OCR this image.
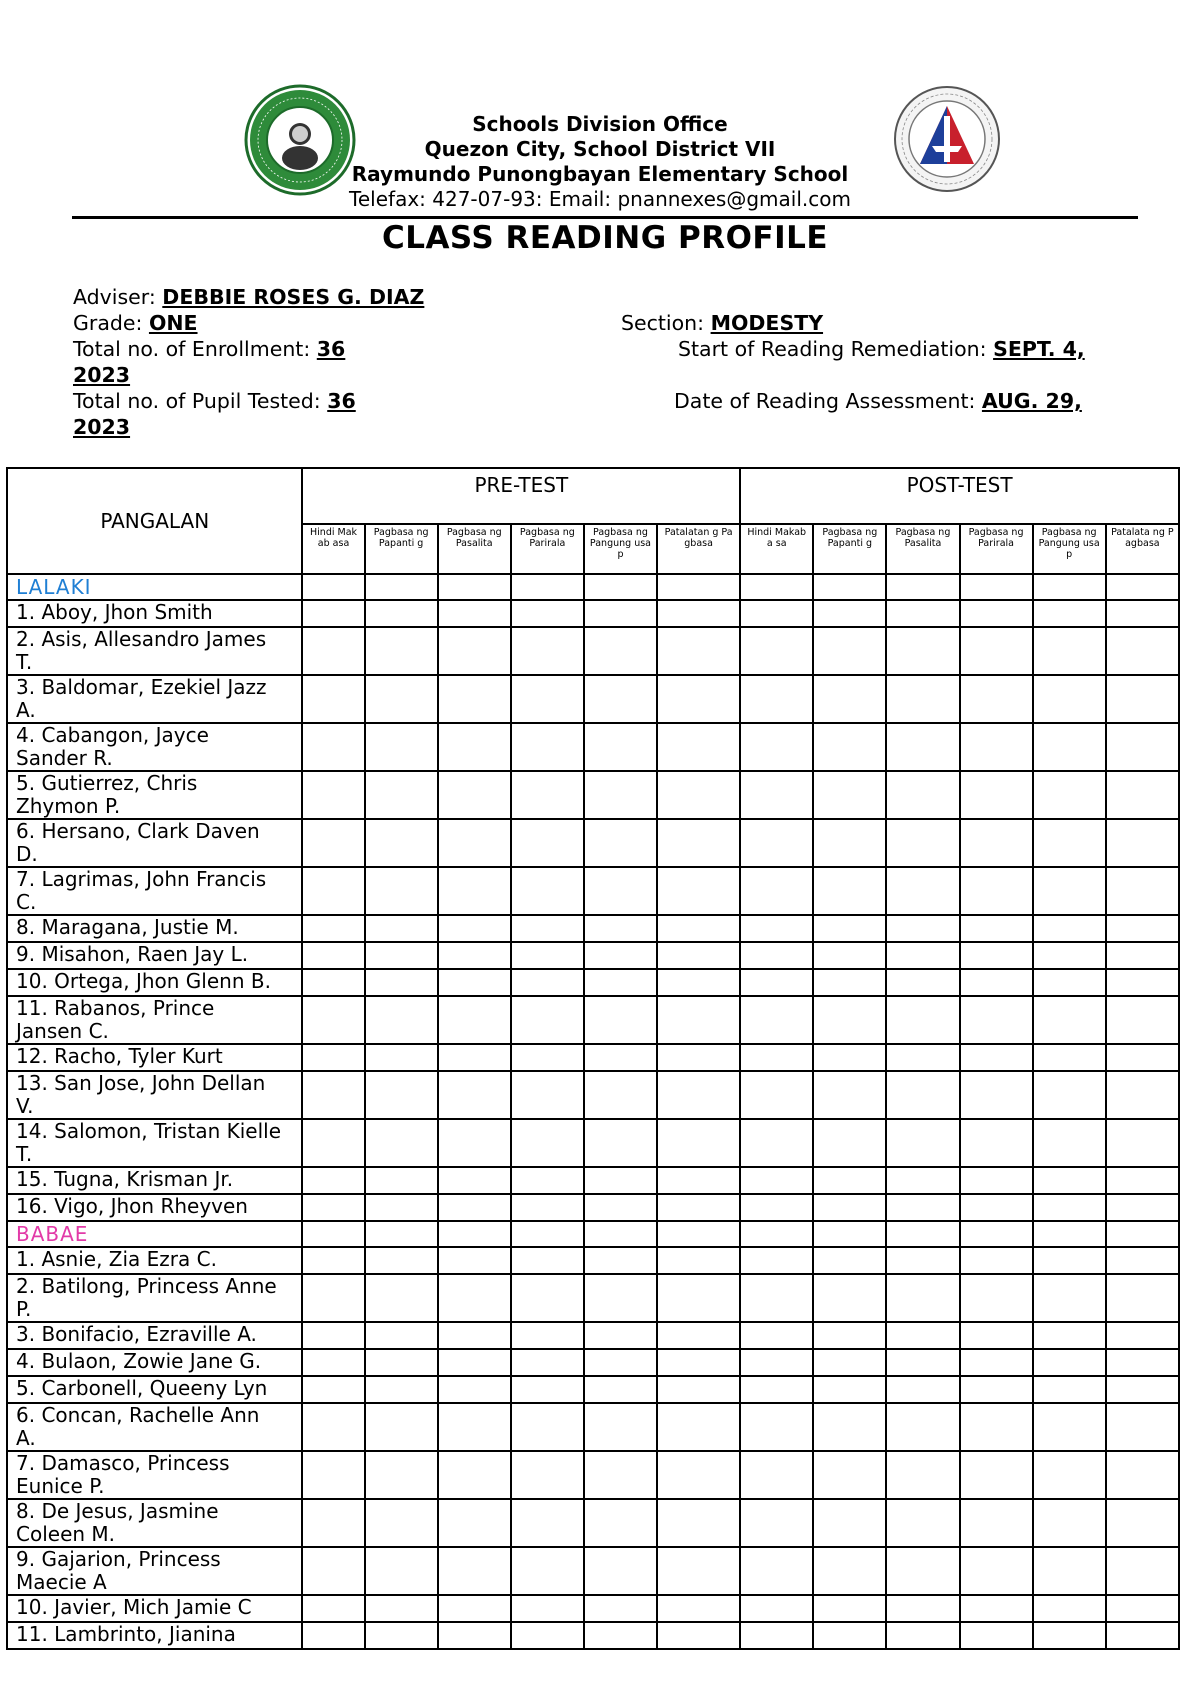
Schools Division Office
Quezon City, School District VII
Raymundo Punongbayan Elementary School
Telefax: 427-07-93: Email: pnannexes@gmail.com
CLASS READING PROFILE
Adviser: DEBBIE ROSES G. DIAZ
Grade: ONE	Section: MODESTY
Total no. of Enrollment: 36	Start of Reading Remediation: SEPT. 4,
2023
Total no. of Pupil Tested: 36	Date of Reading Assessment: AUG. 29,
2023
PANGALAN	PRE-TEST						POST-TEST					
	Hindi Makab asa	Pagbasa ng Papanti g	Pagbasa ng Pasalita	Pagbasa ng Parirala	Pagbasa ng Pangung usap	Patalatan g Pagbasa	Hindi Makaba sa	Pagbasa ng Papanti g	Pagbasa ng Pasalita	Pagbasa ng Parirala	Pagbasa ng Pangung usap	Patalata ng Pagbasa
LALAKI												

1. Aboy, Jhon Smith												

2. Asis, Allesandro James
T.												

3. Baldomar, Ezekiel Jazz
A.												

4. Cabangon, Jayce
Sander R.												

5. Gutierrez, Chris
Zhymon P.												

6. Hersano, Clark Daven
D.												

7. Lagrimas, John Francis
C.												

8. Maragana, Justie M.												

9. Misahon, Raen Jay L.												

10. Ortega, Jhon Glenn B.												

11. Rabanos, Prince
Jansen C.												

12. Racho, Tyler Kurt												

13. San Jose, John Dellan
V.												

14. Salomon, Tristan Kielle
T.												

15. Tugna, Krisman Jr.												

16. Vigo, Jhon Rheyven												

BABAE												

1. Asnie, Zia Ezra C.												

2. Batilong, Princess Anne
P.												

3. Bonifacio, Ezraville A.												

4. Bulaon, Zowie Jane G.												

5. Carbonell, Queeny Lyn												

6. Concan, Rachelle Ann
A.												

7. Damasco, Princess
Eunice P.												

8. De Jesus, Jasmine
Coleen M.												

9. Gajarion, Princess
Maecie A												

10. Javier, Mich Jamie C												

11. Lambrinto, Jianina												
